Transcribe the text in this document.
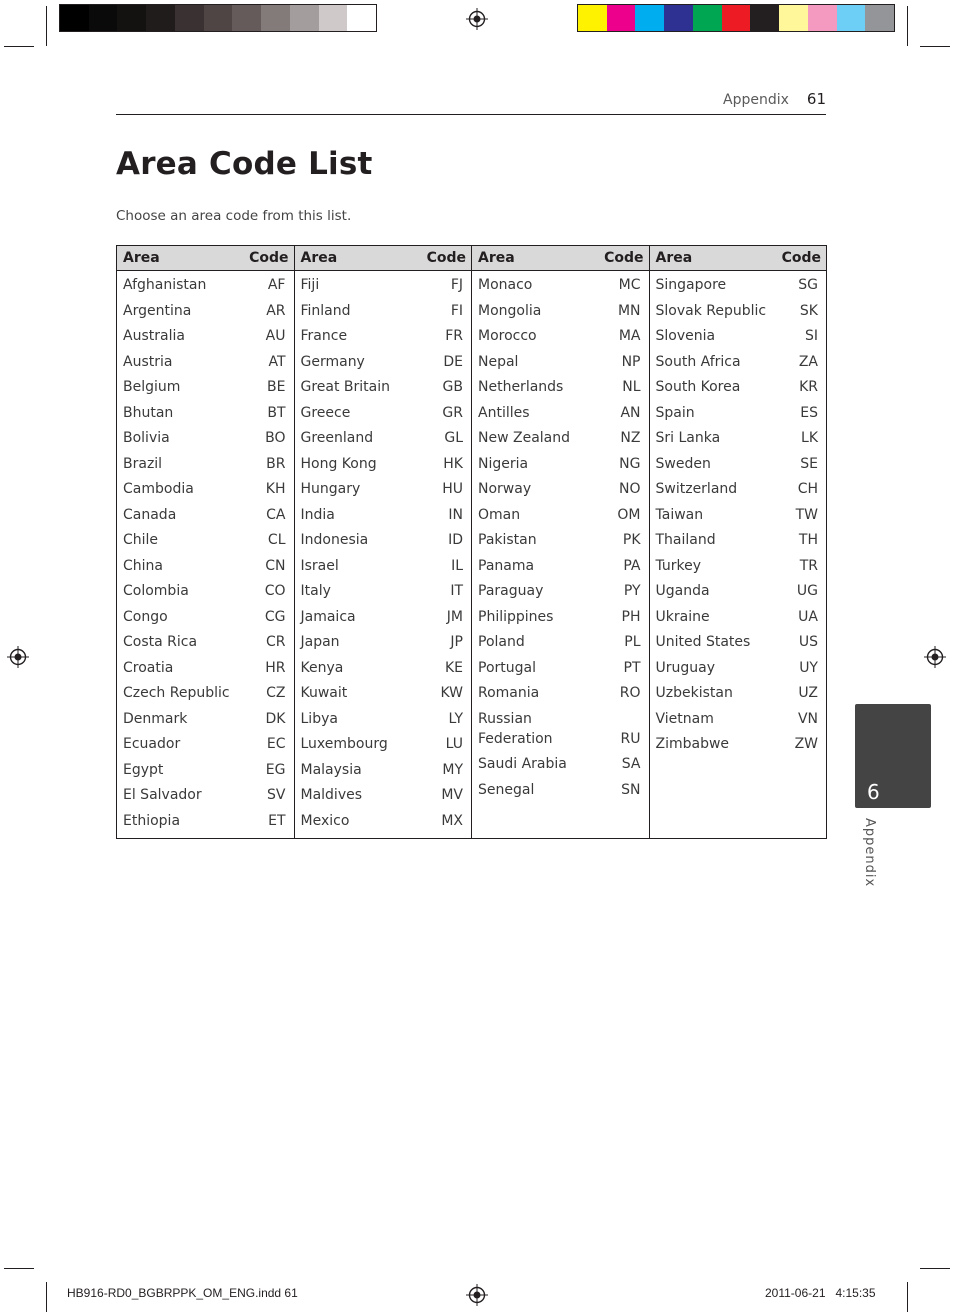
Appendix 61
Area Code List
Choose an area code from this list.
Area	Code
Afghanistan	AF
Argentina	AR
Australia	AU
Austria	AT
Belgium	BE
Bhutan	BT
Bolivia	BO
Brazil	BR
Cambodia	KH
Canada	CA
Chile	CL
China	CN
Colombia	CO
Congo	CG
Costa Rica	CR
Croatia	HR
Czech Republic	CZ
Denmark	DK
Ecuador	EC
Egypt	EG
El Salvador	SV
Ethiopia	ET
Area	Code
Fiji	FJ
Finland	FI
France	FR
Germany	DE
Great Britain	GB
Greece	GR
Greenland	GL
Hong Kong	HK
Hungary	HU
India	IN
Indonesia	ID
Israel	IL
Italy	IT
Jamaica	JM
Japan	JP
Kenya	KE
Kuwait	KW
Libya	LY
Luxembourg	LU
Malaysia	MY
Maldives	MV
Mexico	MX
Area	Code
Monaco	MC
Mongolia	MN
Morocco	MA
Nepal	NP
Netherlands	NL
Antilles	AN
New Zealand	NZ
Nigeria	NG
Norway	NO
Oman	OM
Pakistan	PK
Panama	PA
Paraguay	PY
Philippines	PH
Poland	PL
Portugal	PT
Romania	RO
Russian Federation	RU
Saudi Arabia	SA
Senegal	SN
Area	Code
Singapore	SG
Slovak Republic SK
Slovenia	SI
South Africa	ZA
South Korea	KR
Spain	ES
Sri Lanka	LK
Sweden	SE
Switzerland	CH
Taiwan	TW
Thailand	TH
Turkey	TR
Uganda	UG
Ukraine	UA
United States	US
Uruguay	UY
Uzbekistan	UZ
Vietnam	VN
Zimbabwe	ZW
6
Appendix
HB916-RD0_BGBRPPK_OM_ENG.indd 61	2011-06-21   4:15:35
